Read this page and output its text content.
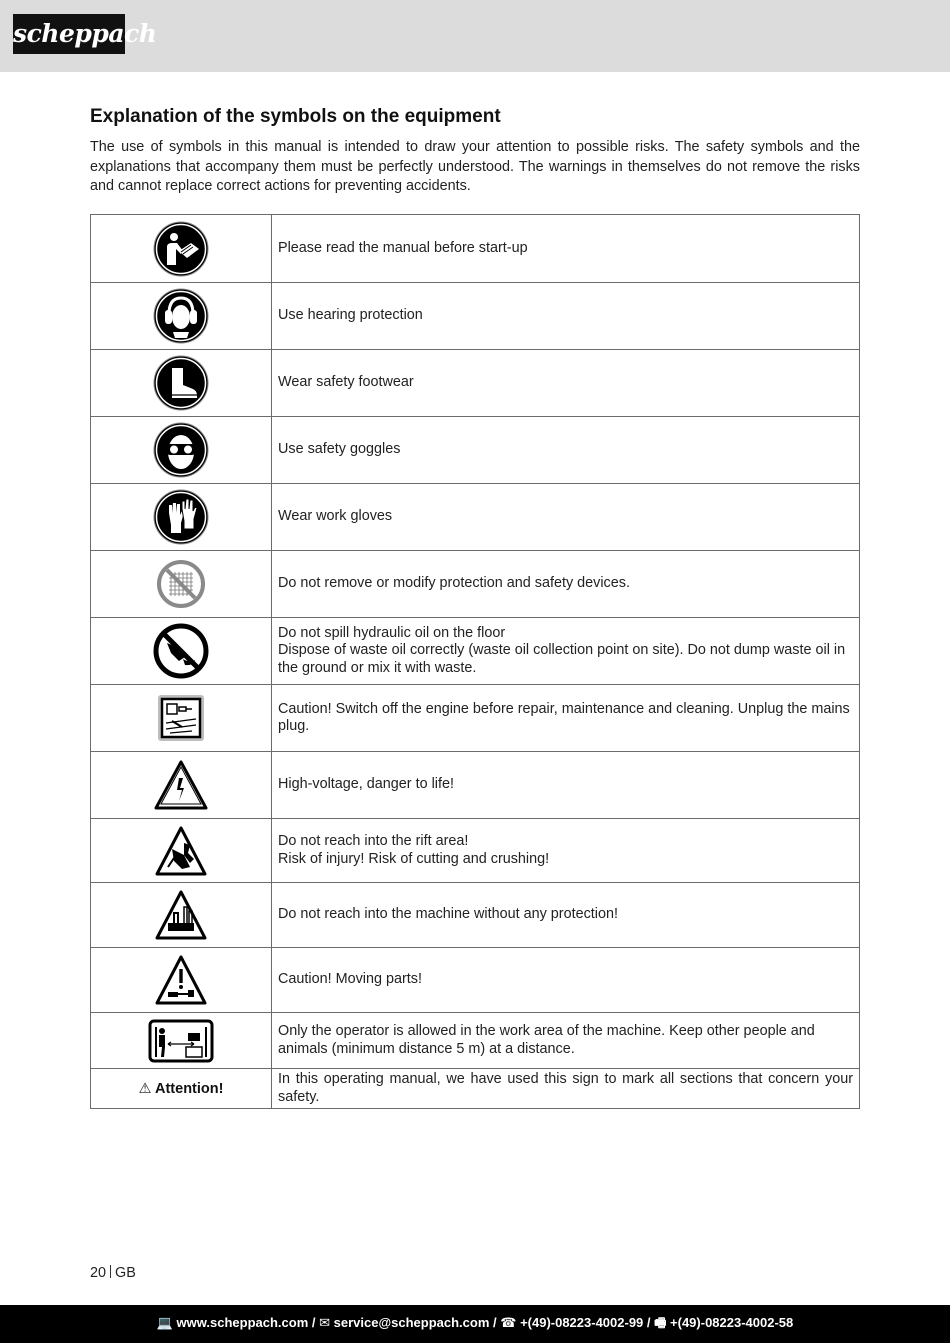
scheppach
Explanation of the symbols on the equipment

The use of symbols in this manual is intended to draw your attention to possible risks. The safety symbols and the explanations that accompany them must be perfectly understood. The warnings in themselves do not remove the risks and cannot replace correct actions for preventing accidents.

Please read the manual before start-up

Use hearing protection

Wear safety footwear

Use safety goggles

Wear work gloves

Do not remove or modify protection and safety devices.

Do not spill hydraulic oil on the floor
Dispose of waste oil correctly (waste oil collection point on site). Do not dump waste oil in the ground or mix it with waste.

Caution! Switch off the engine before repair, maintenance and cleaning. Unplug the mains plug.

High-voltage, danger to life!

Do not reach into the rift area!
Risk of injury! Risk of cutting and crushing!

Do not reach into the machine without any protection!

Caution! Moving parts!

Only the operator is allowed in the work area of the machine. Keep other people and animals (minimum distance 5 m) at a distance.

⚠ Attention!	In this operating manual, we have used this sign to mark all sections that concern your safety.
20 GB
💻 www.scheppach.com / ✉ service@scheppach.com / ☎ +(49)-08223-4002-99 / 🖷 +(49)-08223-4002-58
